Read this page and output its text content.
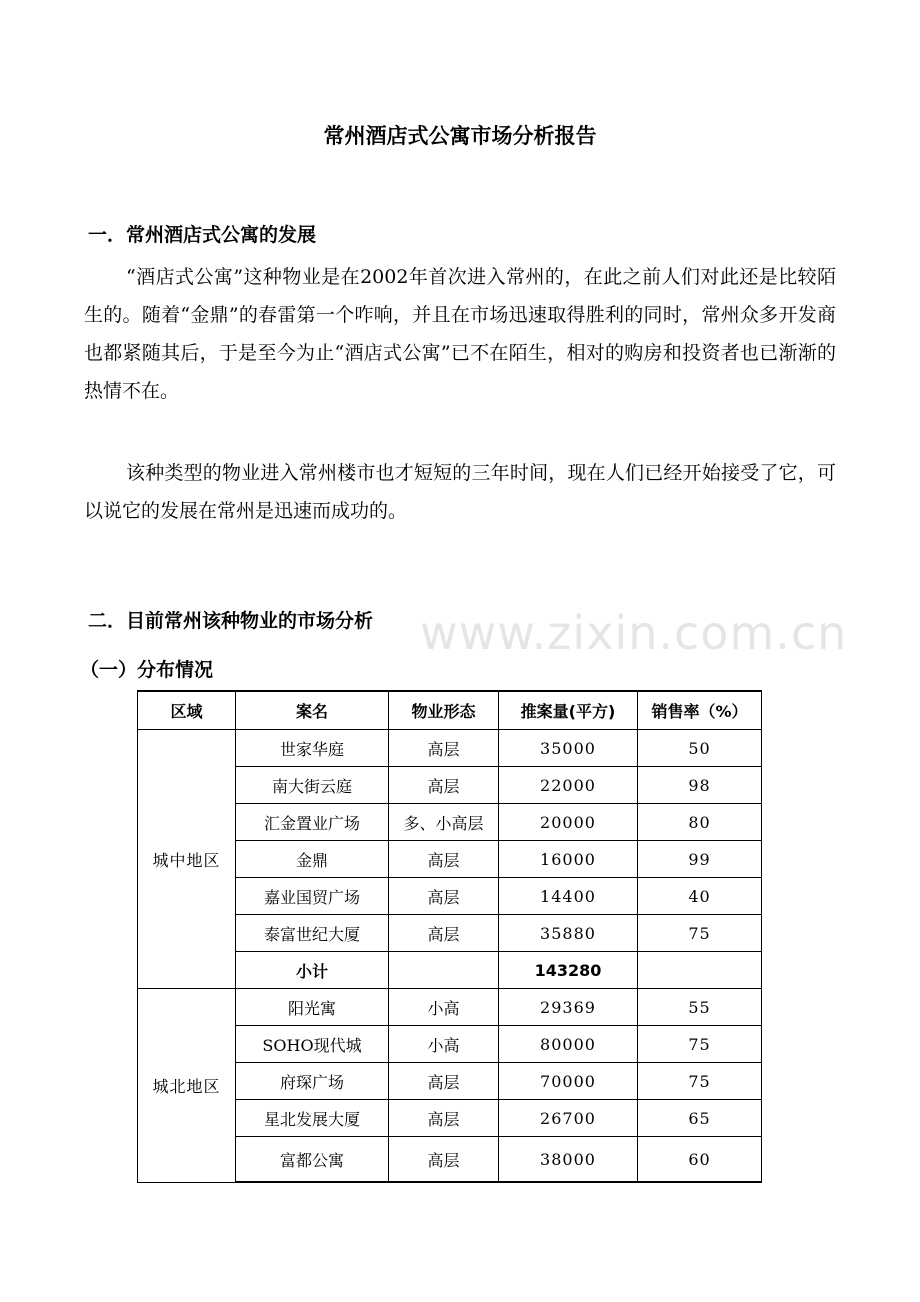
常州酒店式公寓市场分析报告
一．常州酒店式公寓的发展

“酒店式公寓”这种物业是在2002年首次进入常州的，在此之前人们对此还是比较陌生的。随着“金鼎”的春雷第一个咋响，并且在市场迅速取得胜利的同时，常州众多开发商也都紧随其后，于是至今为止“酒店式公寓”已不在陌生，相对的购房和投资者也已渐渐的热情不在。

该种类型的物业进入常州楼市也才短短的三年时间，现在人们已经开始接受了它，可以说它的发展在常州是迅速而成功的。

二．目前常州该种物业的市场分析 www.zixin.com.cn
（一）分布情况
区域	案名	物业形态	推案量(平方)	销售率（%）
城中地区	世家华庭	高层	35000	50
	南大街云庭	高层	22000	98
	汇金置业广场	多、小高层	20000	80
	金鼎	高层	16000	99
	嘉业国贸广场	高层	14400	40
	泰富世纪大厦	高层	35880	75
	小计		143280	
城北地区	阳光寓	小高	29369	55
	SOHO现代城	小高	80000	75
	府琛广场	高层	70000	75
	星北发展大厦	高层	26700	65
	富都公寓	高层	38000	60
